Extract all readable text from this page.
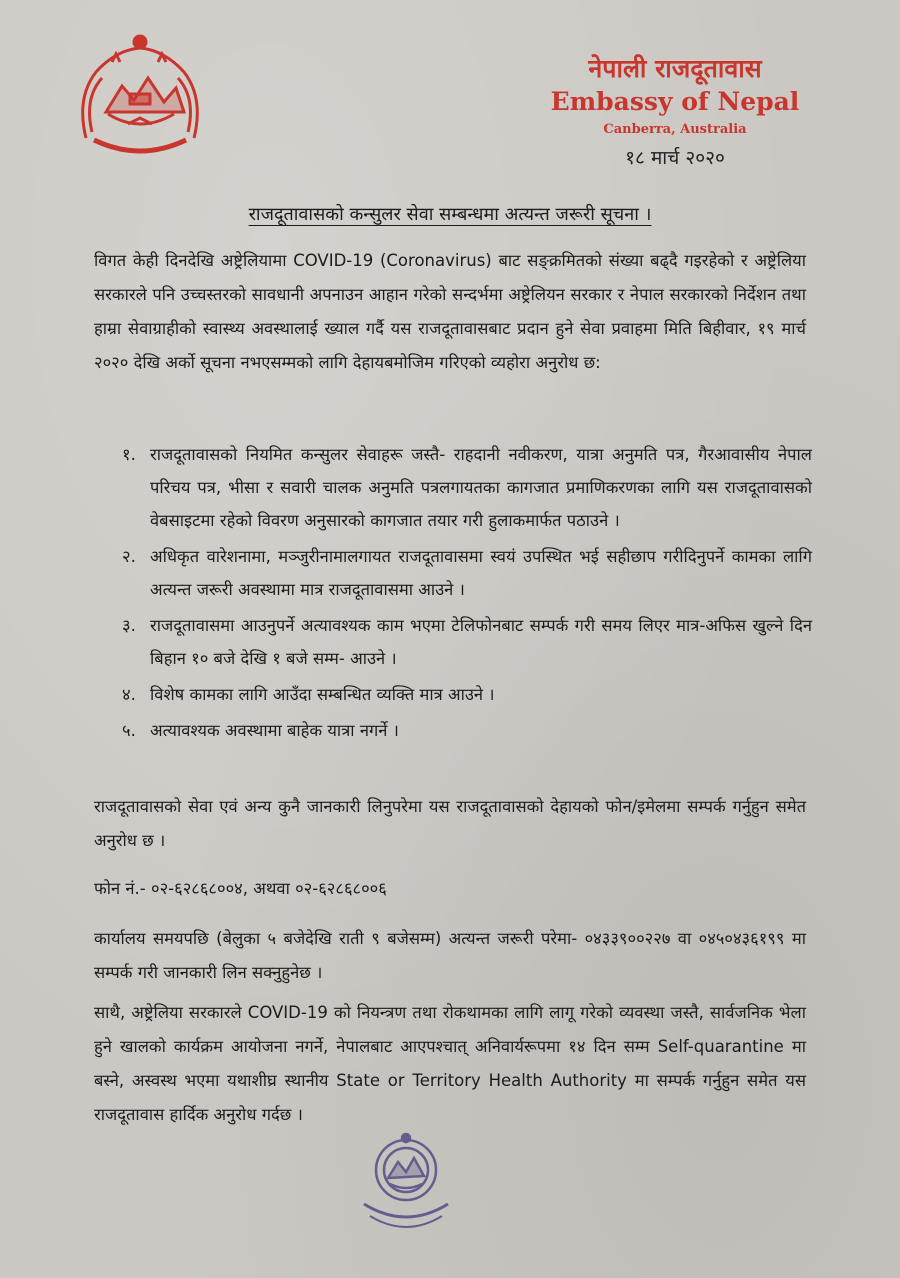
नेपाली राजदूतावास
Embassy of Nepal
Canberra, Australia
१८ मार्च २०२०
राजदूतावासको कन्सुलर सेवा सम्बन्धमा अत्यन्त जरूरी सूचना ।
विगत केही दिनदेखि अष्ट्रेलियामा COVID-19 (Coronavirus) बाट सङ्क्रमितको संख्या बढ्दै गइरहेको र अष्ट्रेलिया सरकारले पनि उच्चस्तरको सावधानी अपनाउन आहान गरेको सन्दर्भमा अष्ट्रेलियन सरकार र नेपाल सरकारको निर्देशन तथा हाम्रा सेवाग्राहीको स्वास्थ्य अवस्थालाई ख्याल गर्दै यस राजदूतावासबाट प्रदान हुने सेवा प्रवाहमा मिति बिहीवार, १९ मार्च २०२० देखि अर्को सूचना नभएसम्मको लागि देहायबमोजिम गरिएको व्यहोरा अनुरोध छ:
१. राजदूतावासको नियमित कन्सुलर सेवाहरू जस्तै- राहदानी नवीकरण, यात्रा अनुमति पत्र, गैरआवासीय नेपाल परिचय पत्र, भीसा र सवारी चालक अनुमति पत्रलगायतका कागजात प्रमाणिकरणका लागि यस राजदूतावासको वेबसाइटमा रहेको विवरण अनुसारको कागजात तयार गरी हुलाकमार्फत पठाउने ।
२. अधिकृत वारेशनामा, मञ्जुरीनामालगायत राजदूतावासमा स्वयं उपस्थित भई सहीछाप गरीदिनुपर्ने कामका लागि अत्यन्त जरूरी अवस्थामा मात्र राजदूतावासमा आउने ।
३. राजदूतावासमा आउनुपर्ने अत्यावश्यक काम भएमा टेलिफोनबाट सम्पर्क गरी समय लिएर मात्र-अफिस खुल्ने दिन बिहान १० बजे देखि १ बजे सम्म- आउने ।
४. विशेष कामका लागि आउँदा सम्बन्धित व्यक्ति मात्र आउने ।
५. अत्यावश्यक अवस्थामा बाहेक यात्रा नगर्ने ।
राजदूतावासको सेवा एवं अन्य कुनै जानकारी लिनुपरेमा यस राजदूतावासको देहायको फोन/इमेलमा सम्पर्क गर्नुहुन समेत अनुरोध छ ।
फोन नं.- ०२-६२८६८००४, अथवा ०२-६२८६८००६
कार्यालय समयपछि (बेलुका ५ बजेदेखि राती ९ बजेसम्म) अत्यन्त जरूरी परेमा- ०४३३९००२२७ वा ०४५०४३६१९९ मा सम्पर्क गरी जानकारी लिन सक्नुहुनेछ ।
साथै, अष्ट्रेलिया सरकारले COVID-19 को नियन्त्रण तथा रोकथामका लागि लागू गरेको व्यवस्था जस्तै, सार्वजनिक भेला हुने खालको कार्यक्रम आयोजना नगर्ने, नेपालबाट आएपश्चात् अनिवार्यरूपमा १४ दिन सम्म Self-quarantine मा बस्ने, अस्वस्थ भएमा यथाशीघ्र स्थानीय State or Territory Health Authority मा सम्पर्क गर्नुहुन समेत यस राजदूतावास हार्दिक अनुरोध गर्दछ ।
